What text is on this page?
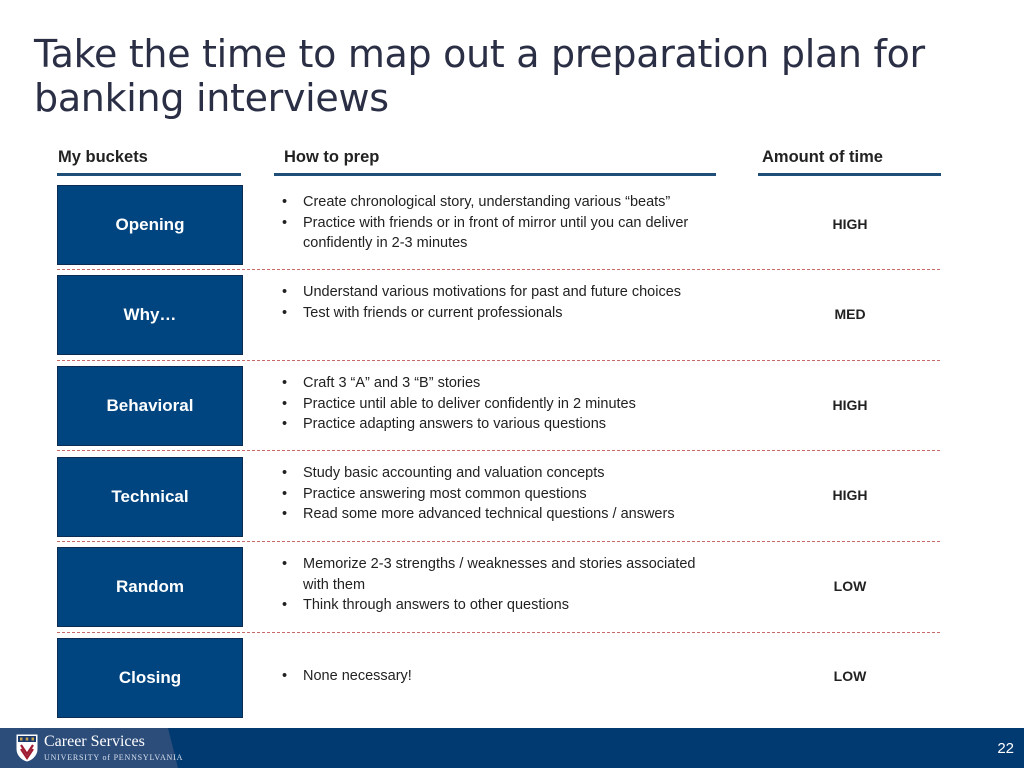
Take the time to map out a preparation plan for banking interviews
My buckets	How to prep	Amount of time
Opening
• Create chronological story, understanding various “beats”
• Practice with friends or in front of mirror until you can deliver confidently in 2-3 minutes
HIGH
Why…
• Understand various motivations for past and future choices
• Test with friends or current professionals	MED
Behavioral
• Craft 3 “A” and 3 “B” stories
• Practice until able to deliver confidently in 2 minutes
• Practice adapting answers to various questions
HIGH
Technical
• Study basic accounting and valuation concepts
• Practice answering most common questions
• Read some more advanced technical questions / answers
HIGH
Random
• Memorize 2-3 strengths / weaknesses and stories associated with them
• Think through answers to other questions
LOW
Closing
•	None necessary!	LOW
Career Services
UNIVERSITY of PENNSYLVANIA
22
